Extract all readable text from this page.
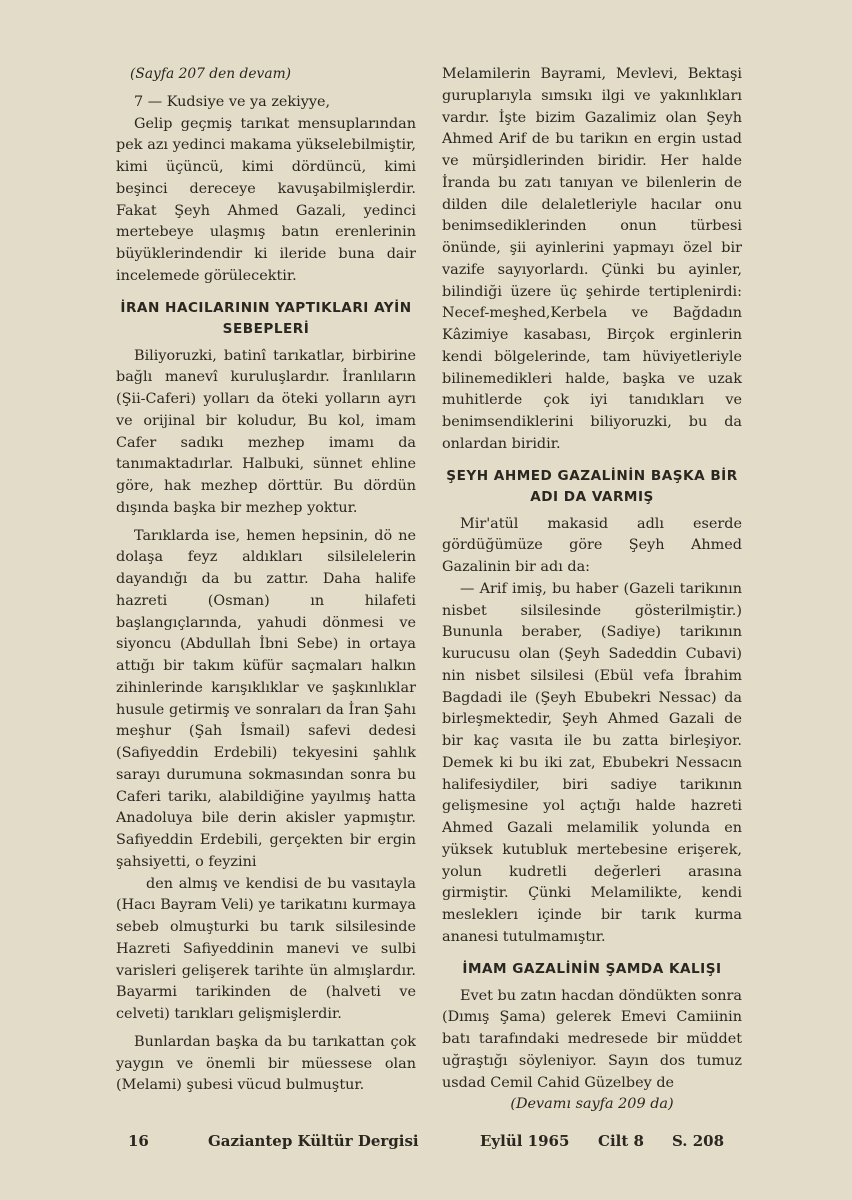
(Sayfa 207 den devam)

7 — Kudsiye ve ya zekiyye,

Gelip geçmiş tarıkat mensuplarından pek azı yedinci makama yükselebilmiştir, kimi üçüncü, kimi dördüncü, kimi beşinci dereceye kavuşabilmişlerdir. Fakat Şeyh Ahmed Gazali, yedinci mertebeye ulaşmış batın erenlerinin büyüklerindendir ki ileride buna dair incelemede görülecektir.

İRAN HACILARININ YAPTIKLARI AYİN SEBEPLERİ

Biliyoruzki, batinî tarıkatlar, birbirine bağlı manevî kuruluşlardır. İranlıların (Şii-Caferi) yolları da öteki yolların ayrı ve orijinal bir koludur, Bu kol, imam Cafer sadıkı mezhep imamı da tanımaktadırlar. Halbuki, sünnet ehline göre, hak mezhep dörttür. Bu dördün dışında başka bir mezhep yoktur.

Tarıklarda ise, hemen hepsinin, dö ne dolaşa feyz aldıkları silsilelelerin dayandığı da bu zattır. Daha halife hazreti (Osman) ın hilafeti başlangıçlarında, yahudi dönmesi ve siyoncu (Abdullah İbni Sebe) in ortaya attığı bir takım küfür saçmaları halkın zihinlerinde karışıklıklar ve şaşkınlıklar husule getirmiş ve sonraları da İran Şahı meşhur (Şah İsmail) safevi dedesi (Safiyeddin Erdebili) tekyesini şahlık sarayı durumuna sokmasından sonra bu Caferi tarikı, alabildiğine yayılmış hatta Anadoluya bile derin akisler yapmıştır. Safiyeddin Erdebili, gerçekten bir ergin şahsiyetti, o feyzini

den almış ve kendisi de bu vasıtayla (Hacı Bayram Veli) ye tarikatını kurmaya sebeb olmuşturki bu tarık silsilesinde Hazreti Safiyeddinin manevi ve sulbi varisleri gelişerek tarihte ün almışlardır. Bayarmi tarikinden de (halveti ve celveti) tarıkları gelişmişlerdir.

Bunlardan başka da bu tarıkattan çok yaygın ve önemli bir müessese olan (Melami) şubesi vücud bulmuştur.

Melamilerin Bayrami, Mevlevi, Bektaşi guruplarıyla sımsıkı ilgi ve yakınlıkları vardır. İşte bizim Gazalimiz olan Şeyh Ahmed Arif de bu tarikın en ergin ustad ve mürşidlerinden biridir. Her halde İranda bu zatı tanıyan ve bilenlerin de dilden dile delaletleriyle hacılar onu benimsediklerinden onun türbesi önünde, şii ayinlerini yapmayı özel bir vazife sayıyorlardı. Çünki bu ayinler, bilindiği üzere üç şehirde tertiplenirdi: Necef-meşhed,Kerbela ve Bağdadın Kâzimiye kasabası, Birçok erginlerin kendi bölgelerinde, tam hüviyetleriyle bilinemedikleri halde, başka ve uzak muhitlerde çok iyi tanıdıkları ve benimsendiklerini biliyoruzki, bu da onlardan biridir.

ŞEYH AHMED GAZALİNİN BAŞKA BİR ADI DA VARMIŞ

Mir'atül makasid adlı eserde gördüğümüze göre Şeyh Ahmed Gazalinin bir adı da:

— Arif imiş, bu haber (Gazeli tarikının nisbet silsilesinde gösterilmiştir.) Bununla beraber, (Sadiye) tarikının kurucusu olan (Şeyh Sadeddin Cubavi) nin nisbet silsilesi (Ebül vefa İbrahim Bagdadi ile (Şeyh Ebubekri Nessac) da birleşmektedir, Şeyh Ahmed Gazali de bir kaç vasıta ile bu zatta birleşiyor. Demek ki bu iki zat, Ebubekri Nessacın halifesiydiler, biri sadiye tarikının gelişmesine yol açtığı halde hazreti Ahmed Gazali melamilik yolunda en yüksek kutubluk mertebesine erişerek, yolun kudretli değerleri arasına girmiştir. Çünki Melamilikte, kendi mesleklerı içinde bir tarık kurma ananesi tutulmamıştır.

İMAM GAZALİNİN ŞAMDA KALIŞI

Evet bu zatın hacdan döndükten sonra (Dımış Şama) gelerek Emevi Camiinin batı tarafındaki medresede bir müddet uğraştığı söyleniyor. Sayın dos tumuz usdad Cemil Cahid Güzelbey de

(Devamı sayfa 209 da)

16	Gaziantep Kültür Dergisi	Eylül 1965 Cilt 8 S. 208
